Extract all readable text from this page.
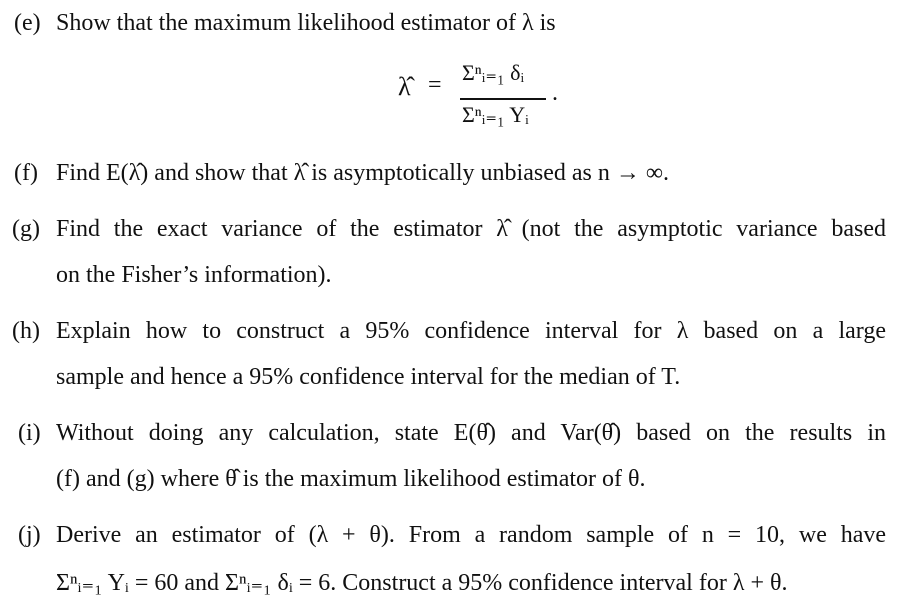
(e) Show that the maximum likelihood estimator of λ is
λ̂ = Σⁿᵢ₌₁ δᵢ
Σⁿᵢ₌₁ Yᵢ
.
(f) Find E(λ̂) and show that λ̂ is asymptotically unbiased as n → ∞.
(g) Find the exact variance of the estimator λ̂ (not the asymptotic variance based
on the Fisher’s information).
(h) Explain how to construct a 95% confidence interval for λ based on a large
sample and hence a 95% confidence interval for the median of T.
(i) Without doing any calculation, state E(θ̂) and Var(θ̂) based on the results in
(f) and (g) where θ̂ is the maximum likelihood estimator of θ.
(j) Derive an estimator of (λ + θ). From a random sample of n = 10, we have
Σⁿᵢ₌₁ Yᵢ = 60 and Σⁿᵢ₌₁ δᵢ = 6. Construct a 95% confidence interval for λ + θ.
